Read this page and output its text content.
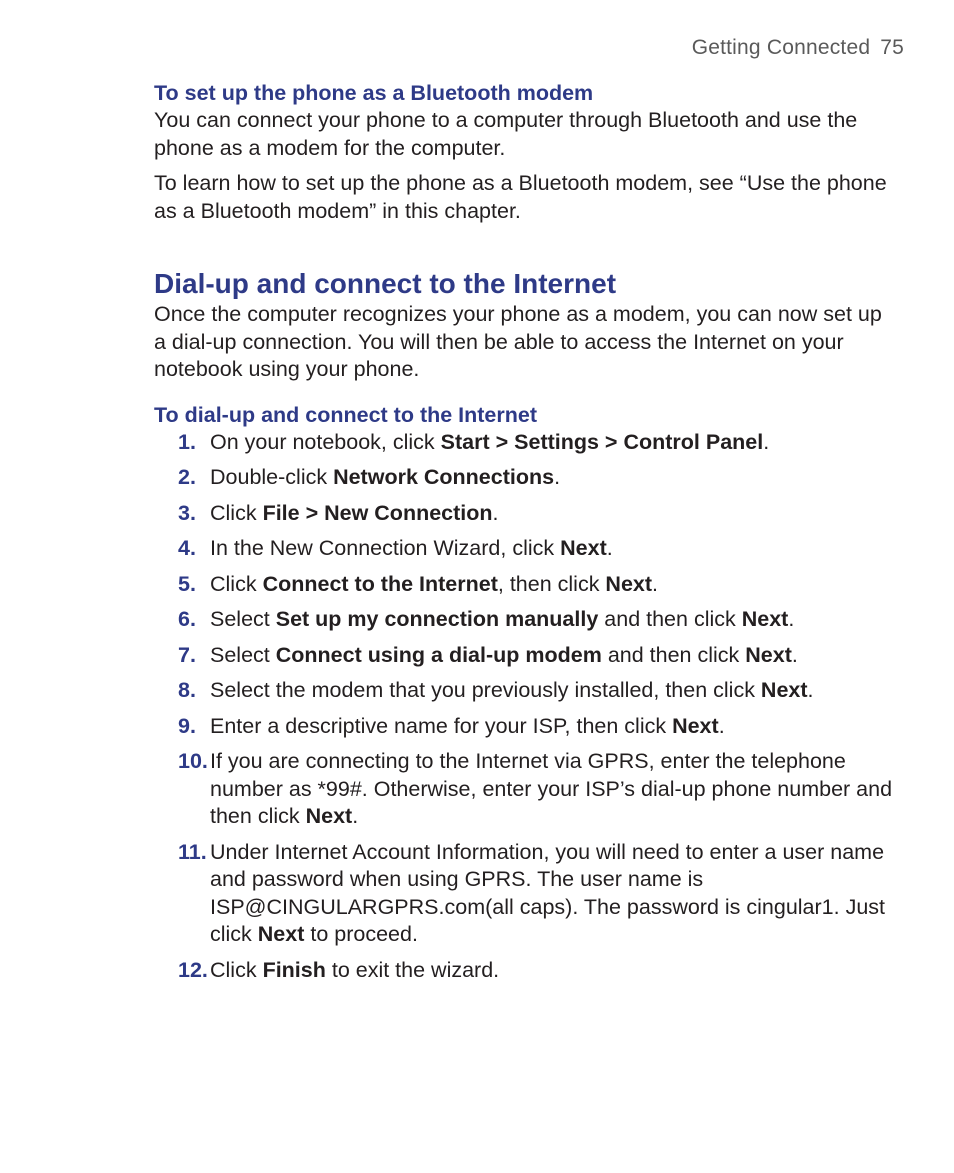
Getting Connected 75
To set up the phone as a Bluetooth modem

You can connect your phone to a computer through Bluetooth and use the phone as a modem for the computer.

To learn how to set up the phone as a Bluetooth modem, see “Use the phone as a Bluetooth modem” in this chapter.

Dial-up and connect to the Internet

Once the computer recognizes your phone as a modem, you can now set up a dial-up connection. You will then be able to access the Internet on your notebook using your phone.

To dial-up and connect to the Internet
1. On your notebook, click Start > Settings > Control Panel.
2. Double-click Network Connections.
3. Click File > New Connection.
4. In the New Connection Wizard, click Next.
5. Click Connect to the Internet, then click Next.
6. Select Set up my connection manually and then click Next.
7. Select Connect using a dial-up modem and then click Next.
8. Select the modem that you previously installed, then click Next.
9. Enter a descriptive name for your ISP, then click Next.
10. If you are connecting to the Internet via GPRS, enter the telephone number as *99#. Otherwise, enter your ISP’s dial-up phone number and then click Next.
11. Under Internet Account Information, you will need to enter a user name and password when using GPRS. The user name is ISP@CINGULARGPRS.com(all caps). The password is cingular1. Just click Next to proceed.
12. Click Finish to exit the wizard.
